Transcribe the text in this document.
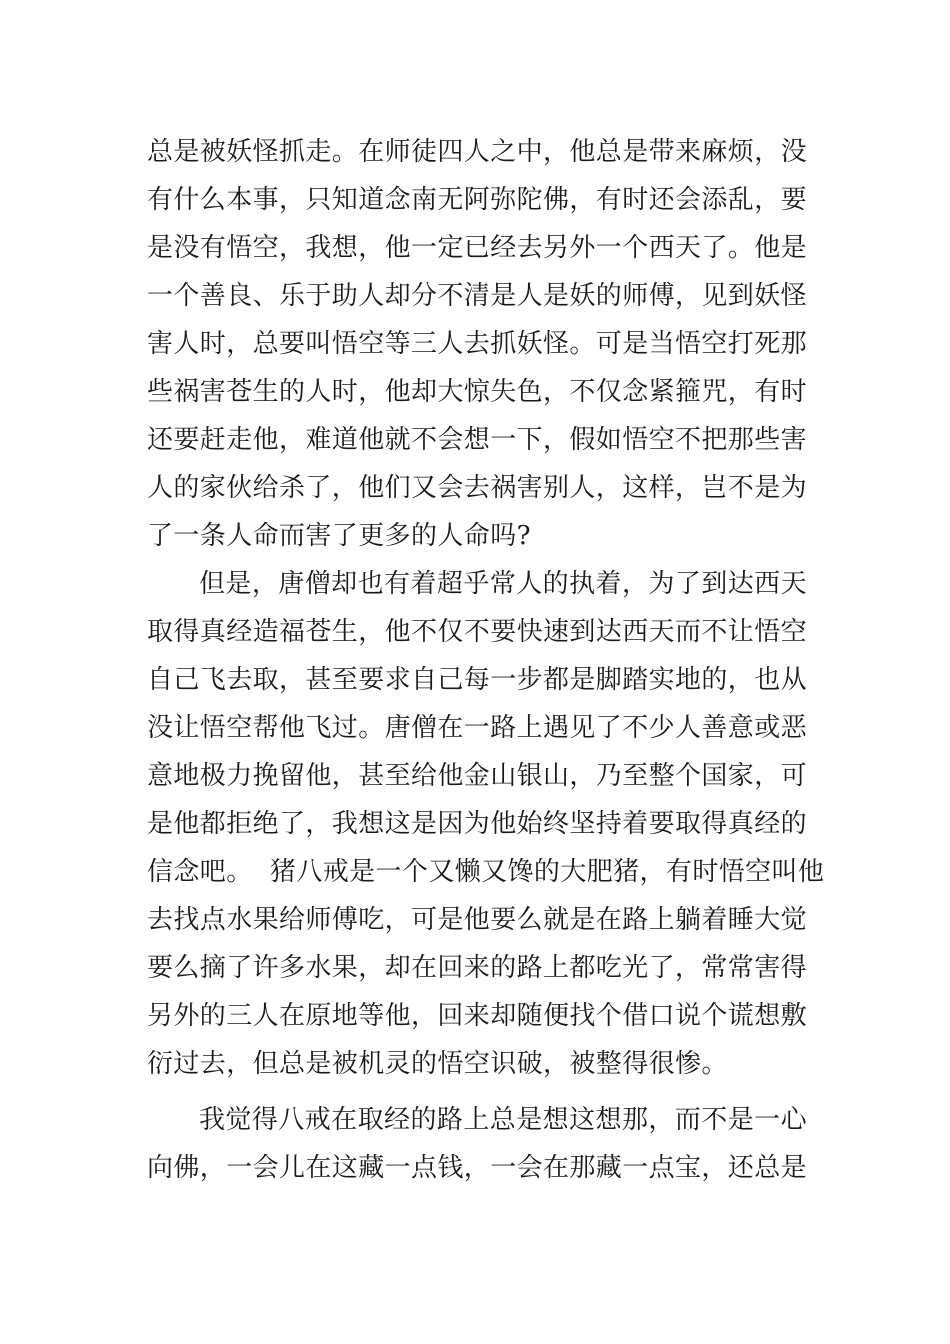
总是被妖怪抓走。在师徒四人之中，他总是带来麻烦，没
有什么本事，只知道念南无阿弥陀佛，有时还会添乱，要
是没有悟空，我想，他一定已经去另外一个西天了。他是
一个善良、乐于助人却分不清是人是妖的师傅，见到妖怪
害人时，总要叫悟空等三人去抓妖怪。可是当悟空打死那
些祸害苍生的人时，他却大惊失色，不仅念紧箍咒，有时
还要赶走他，难道他就不会想一下，假如悟空不把那些害
人的家伙给杀了，他们又会去祸害别人，这样，岂不是为
了一条人命而害了更多的人命吗?

但是，唐僧却也有着超乎常人的执着，为了到达西天
取得真经造福苍生，他不仅不要快速到达西天而不让悟空
自己飞去取，甚至要求自己每一步都是脚踏实地的，也从
没让悟空帮他飞过。唐僧在一路上遇见了不少人善意或恶
意地极力挽留他，甚至给他金山银山，乃至整个国家，可
是他都拒绝了，我想这是因为他始终坚持着要取得真经的
信念吧。  猪八戒是一个又懒又馋的大肥猪，有时悟空叫他
去找点水果给师傅吃，可是他要么就是在路上躺着睡大觉
要么摘了许多水果，却在回来的路上都吃光了，常常害得
另外的三人在原地等他，回来却随便找个借口说个谎想敷
衍过去，但总是被机灵的悟空识破，被整得很惨。

我觉得八戒在取经的路上总是想这想那，而不是一心
向佛，一会儿在这藏一点钱，一会在那藏一点宝，还总是
